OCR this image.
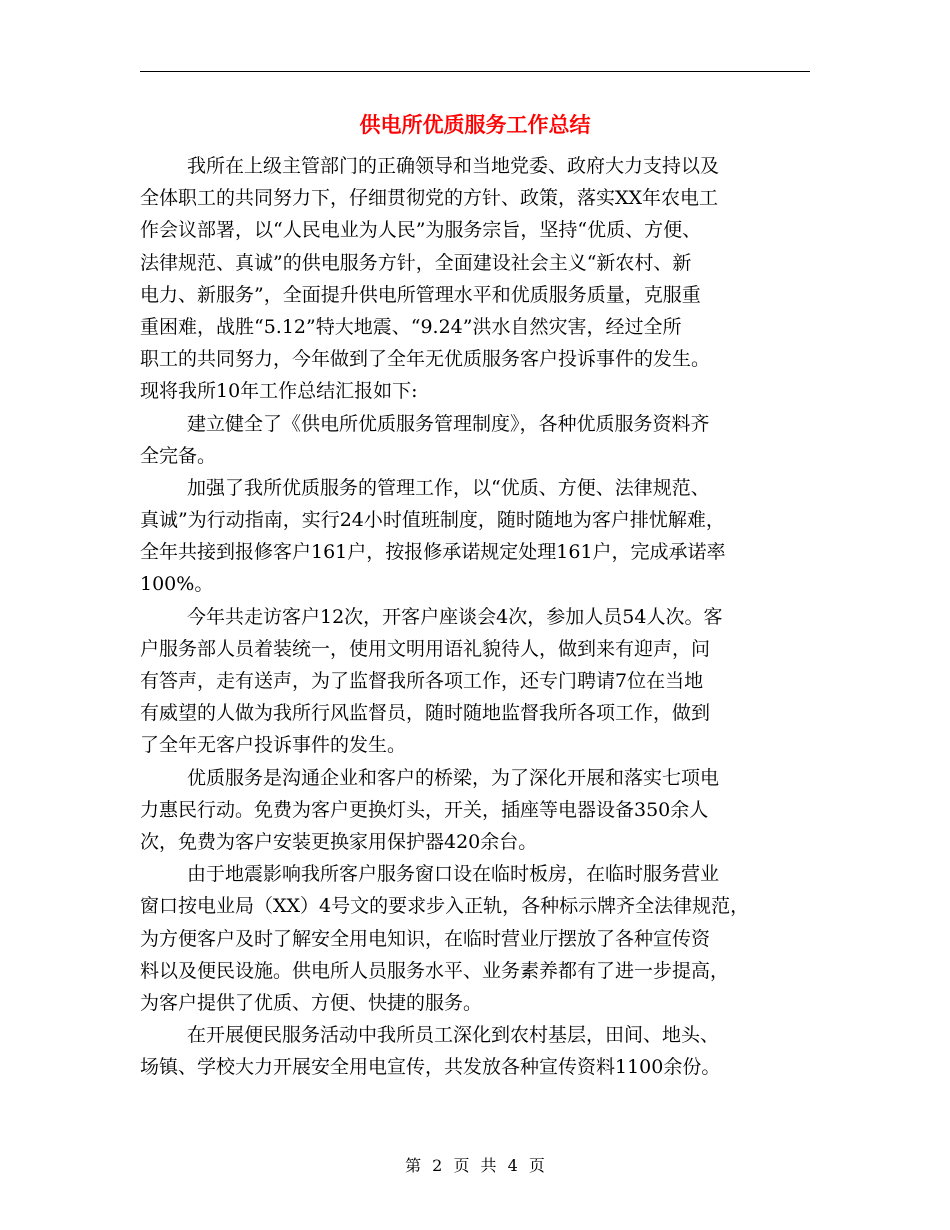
供电所优质服务工作总结
我所在上级主管部门的正确领导和当地党委、政府大力支持以及
全体职工的共同努力下，仔细贯彻党的方针、政策，落实XX年农电工
作会议部署，以“人民电业为人民”为服务宗旨，坚持“优质、方便、
法律规范、真诚”的供电服务方针，全面建设社会主义“新农村、新
电力、新服务”，全面提升供电所管理水平和优质服务质量，克服重
重困难，战胜“5.12”特大地震、“9.24”洪水自然灾害，经过全所
职工的共同努力，今年做到了全年无优质服务客户投诉事件的发生。
现将我所10年工作总结汇报如下:
建立健全了《供电所优质服务管理制度》，各种优质服务资料齐
全完备。
加强了我所优质服务的管理工作，以“优质、方便、法律规范、
真诚”为行动指南，实行24小时值班制度，随时随地为客户排忧解难，
全年共接到报修客户161户，按报修承诺规定处理161户，完成承诺率
100%。
今年共走访客户12次，开客户座谈会4次，参加人员54人次。客
户服务部人员着装统一，使用文明用语礼貌待人，做到来有迎声，问
有答声，走有送声，为了监督我所各项工作，还专门聘请7位在当地
有威望的人做为我所行风监督员，随时随地监督我所各项工作，做到
了全年无客户投诉事件的发生。
优质服务是沟通企业和客户的桥梁，为了深化开展和落实七项电
力惠民行动。免费为客户更换灯头，开关，插座等电器设备350余人
次，免费为客户安装更换家用保护器420余台。
由于地震影响我所客户服务窗口设在临时板房，在临时服务营业
窗口按电业局（XX）4号文的要求步入正轨，各种标示牌齐全法律规范，
为方便客户及时了解安全用电知识，在临时营业厅摆放了各种宣传资
料以及便民设施。供电所人员服务水平、业务素养都有了进一步提高，
为客户提供了优质、方便、快捷的服务。
在开展便民服务活动中我所员工深化到农村基层，田间、地头、
场镇、学校大力开展安全用电宣传，共发放各种宣传资料1100余份。
第 2 页 共 4 页
